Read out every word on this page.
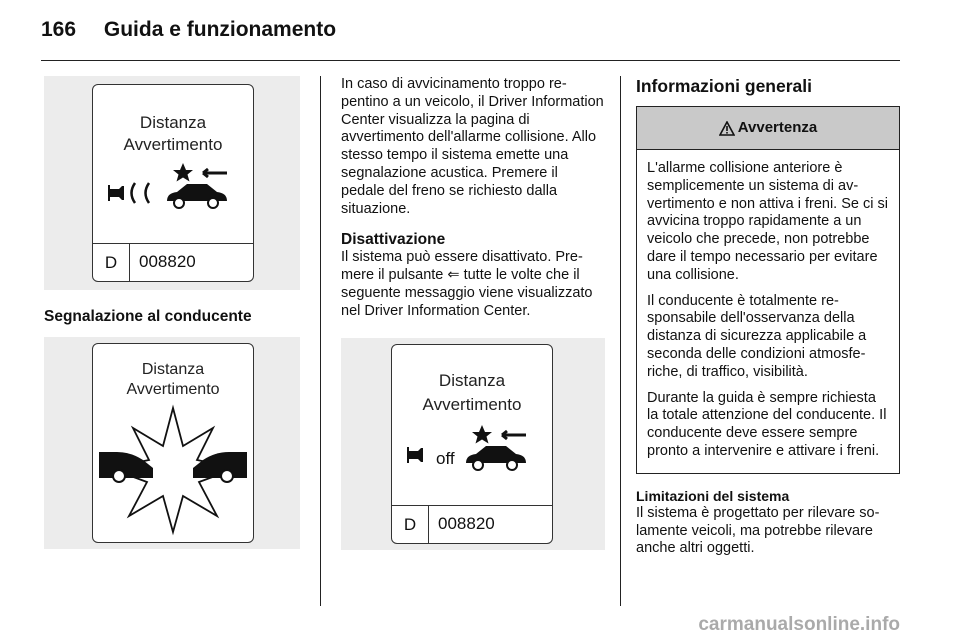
166 Guida e funzionamento
Distanza
Avvertimento
D	008820
Segnalazione al conducente
Distanza
Avvertimento

In caso di avvicinamento troppo repentino a un veicolo, il Driver Information Center visualizza la pagina di avvertimento dell'allarme collisione. Allo stesso tempo il sistema emette una segnalazione acustica. Premere il pedale del freno se richiesto dalla situazione.

Disattivazione

Il sistema può essere disattivato. Premere il pulsante ⇐ tutte le volte che il seguente messaggio viene visualizzato nel Driver Information Center.

Distanza
Avvertimento
off
D	008820
Informazioni generali
Avvertenza

L'allarme collisione anteriore è semplicemente un sistema di avvertimento e non attiva i freni. Se ci si avvicina troppo rapidamente a un veicolo che precede, non potrebbe dare il tempo necessario per evitare una collisione.

Il conducente è totalmente responsabile dell'osservanza della distanza di sicurezza applicabile a seconda delle condizioni atmosferiche, di traffico, visibilità.

Durante la guida è sempre richiesta la totale attenzione del conducente. Il conducente deve essere sempre pronto a intervenire e attivare i freni.

Limitazioni del sistema

Il sistema è progettato per rilevare solamente veicoli, ma potrebbe rilevare anche altri oggetti.

carmanualsonline.info
